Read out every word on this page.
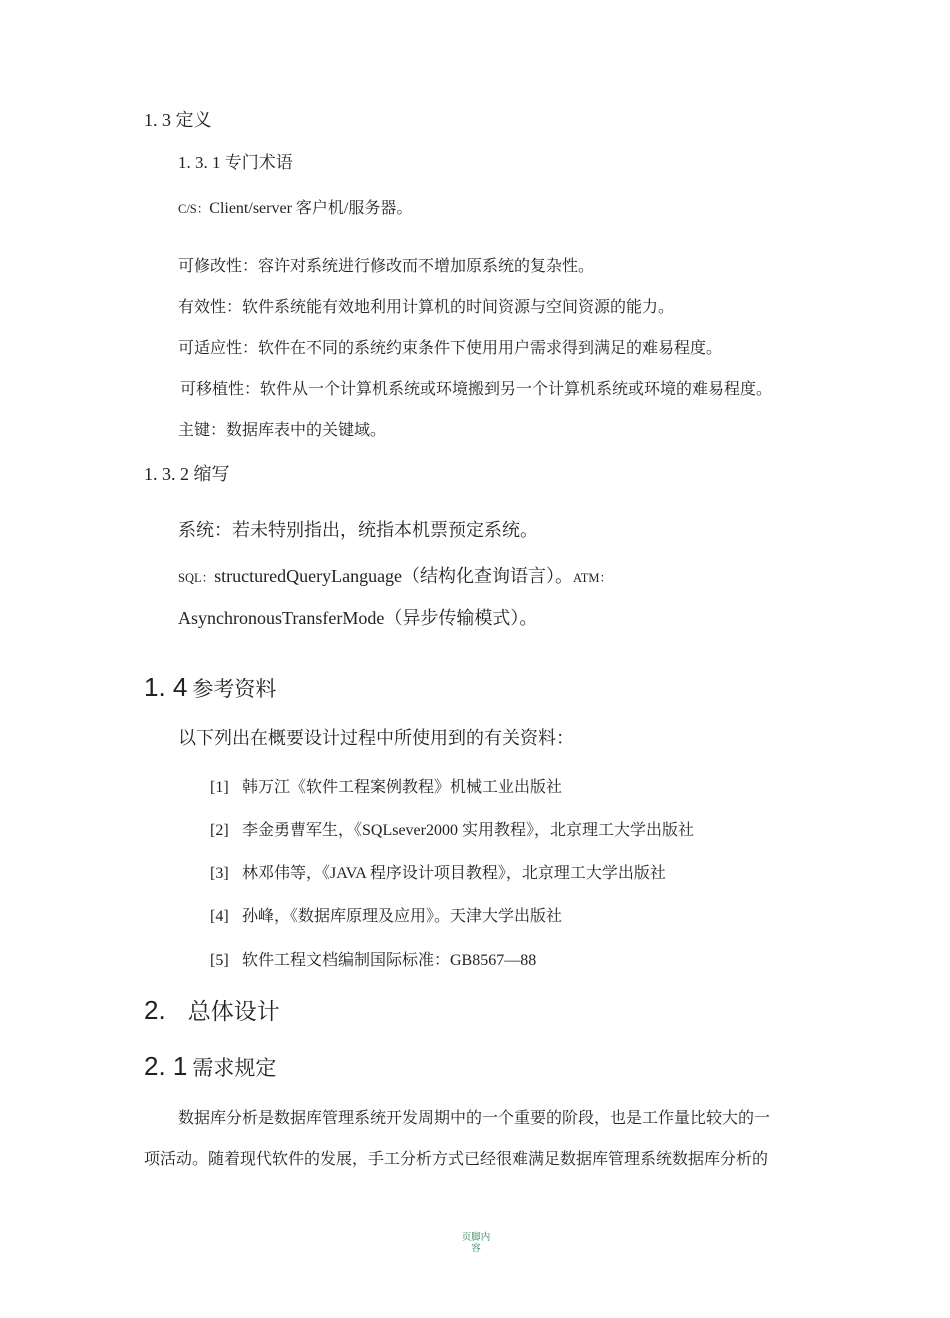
1. 3 定义
1. 3. 1 专门术语
C/S：Client/server 客户机/服务器。
可修改性：容许对系统进行修改而不增加原系统的复杂性。
有效性：软件系统能有效地利用计算机的时间资源与空间资源的能力。
可适应性：软件在不同的系统约束条件下使用用户需求得到满足的难易程度。
可移植性：软件从一个计算机系统或环境搬到另一个计算机系统或环境的难易程度。
主键：数据库表中的关键域。
1. 3. 2 缩写
系统：若未特别指出，统指本机票预定系统。
SQL：structuredQueryLanguage（结构化查询语言）。ATM：
AsynchronousTransferMode（异步传输模式）。
1. 4 参考资料
以下列出在概要设计过程中所使用到的有关资料：
[1] 韩万江《软件工程案例教程》机械工业出版社
[2] 李金勇曹军生，《SQLsever2000 实用教程》，北京理工大学出版社
[3] 林邓伟等，《JAVA 程序设计项目教程》，北京理工大学出版社
[4] 孙峰，《数据库原理及应用》。天津大学出版社
[5] 软件工程文档编制国际标准：GB8567—88
2. 总体设计
2. 1 需求规定
数据库分析是数据库管理系统开发周期中的一个重要的阶段，也是工作量比较大的一
项活动。随着现代软件的发展，手工分析方式已经很难满足数据库管理系统数据库分析的
页脚内
容
